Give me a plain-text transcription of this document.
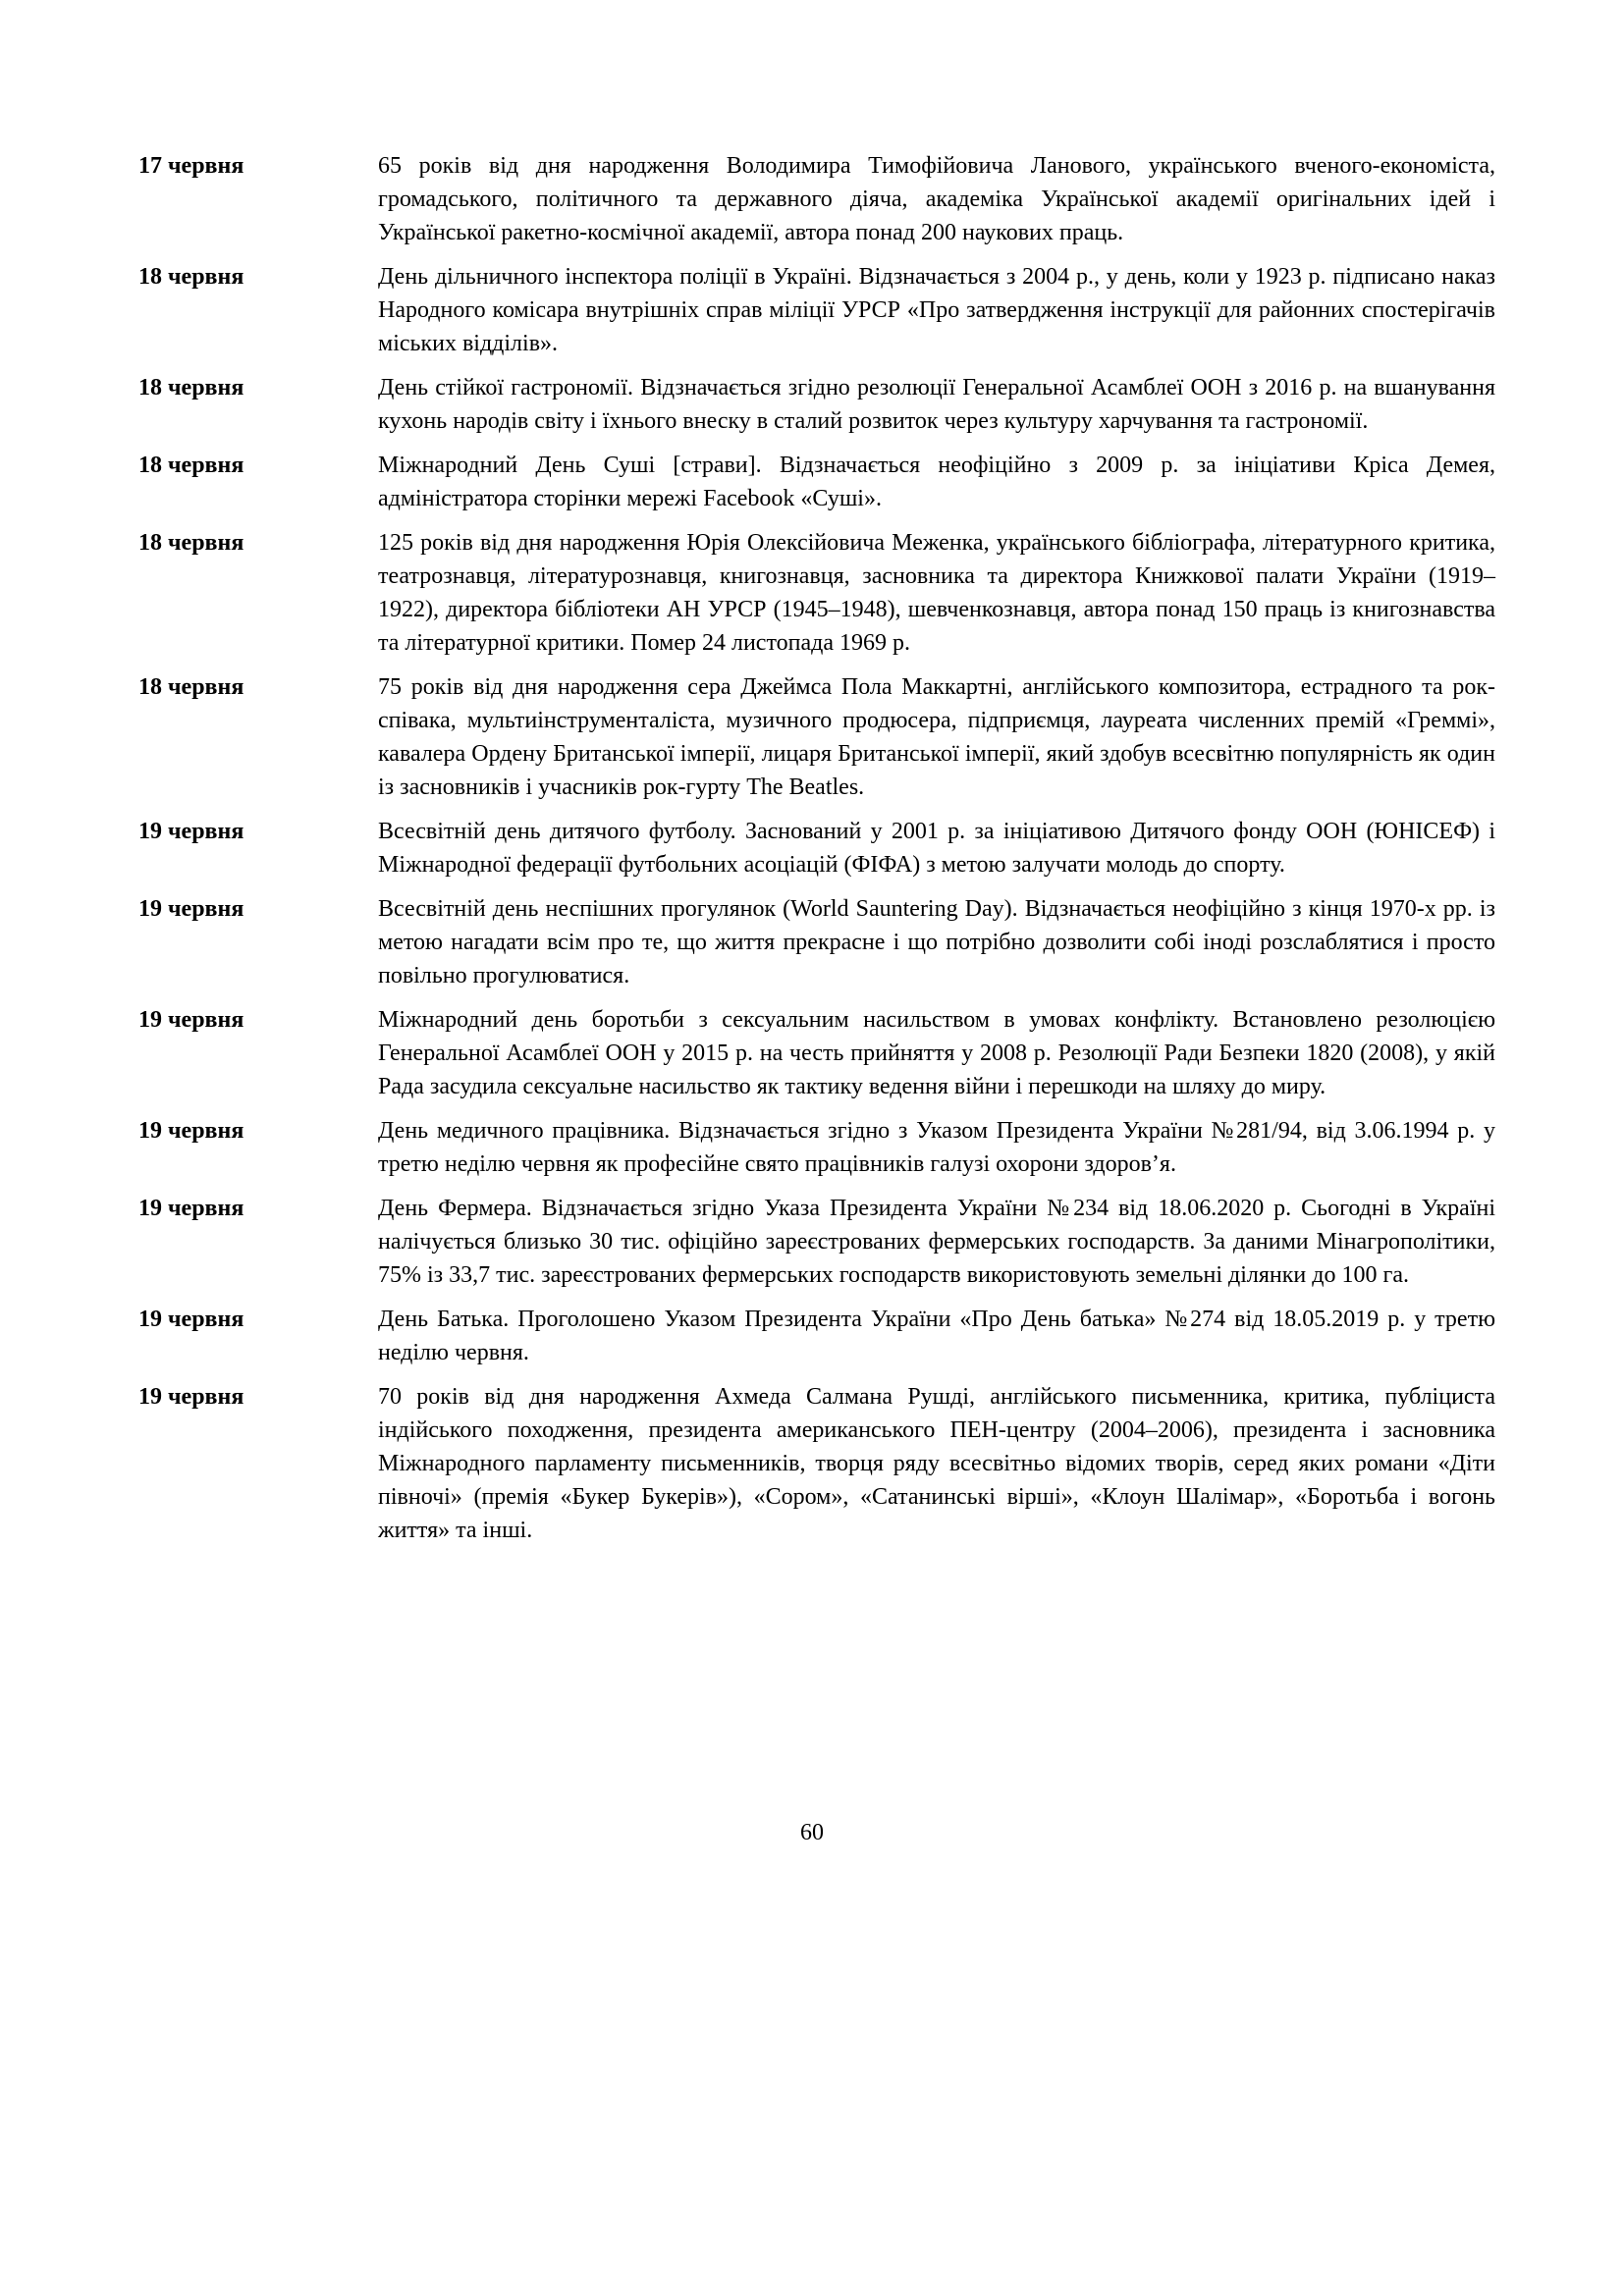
17 червня	65 років від дня народження Володимира Тимофійовича Ланового, українського вченого-економіста, громадського, політичного та державного діяча, академіка Української академії оригінальних ідей і Української ракетно-космічної академії, автора понад 200 наукових праць.
18 червня	День дільничного інспектора поліції в Україні. Відзначається з 2004 р., у день, коли у 1923 р. підписано наказ Народного комісара внутрішніх справ міліції УРСР «Про затвердження інструкції для районних спостерігачів міських відділів».
18 червня	День стійкої гастрономії. Відзначається згідно резолюції Генеральної Асамблеї ООН з 2016 р. на вшанування кухонь народів світу і їхнього внеску в сталий розвиток через культуру харчування та гастрономії.
18 червня	Міжнародний День Суші [страви]. Відзначається неофіційно з 2009 р. за ініціативи Кріса Демея, адміністратора сторінки мережі Facebook «Суші».
18 червня	125 років від дня народження Юрія Олексійовича Меженка, українського бібліографа, літературного критика, театрознавця, літературознавця, книгознавця, засновника та директора Книжкової палати України (1919–1922), директора бібліотеки АН УРСР (1945–1948), шевченкознавця, автора понад 150 праць із книгознавства та літературної критики. Помер 24 листопада 1969 р.
18 червня	75 років від дня народження сера Джеймса Пола Маккартні, англійського композитора, естрадного та рок-співака, мультиінструменталіста, музичного продюсера, підприємця, лауреата численних премій «Греммі», кавалера Ордену Британської імперії, лицаря Британської імперії, який здобув всесвітню популярність як один із засновників і учасників рок-гурту The Beatles.
19 червня	Всесвітній день дитячого футболу. Заснований у 2001 р. за ініціативою Дитячого фонду ООН (ЮНІСЕФ) і Міжнародної федерації футбольних асоціацій (ФІФА) з метою залучати молодь до спорту.
19 червня	Всесвітній день неспішних прогулянок (World Sauntering Day). Відзначається неофіційно з кінця 1970-х рр. із метою нагадати всім про те, що життя прекрасне і що потрібно дозволити собі іноді розслаблятися і просто повільно прогулюватися.
19 червня	Міжнародний день боротьби з сексуальним насильством в умовах конфлікту. Встановлено резолюцією Генеральної Асамблеї ООН у 2015 р. на честь прийняття у 2008 р. Резолюції Ради Безпеки 1820 (2008), у якій Рада засудила сексуальне насильство як тактику ведення війни і перешкоди на шляху до миру.
19 червня	День медичного працівника. Відзначається згідно з Указом Президента України №281/94, від 3.06.1994 р. у третю неділю червня як професійне свято працівників галузі охорони здоров’я.
19 червня	День Фермера. Відзначається згідно Указа Президента України №234 від 18.06.2020 р. Сьогодні в Україні налічується близько 30 тис. офіційно зареєстрованих фермерських господарств. За даними Мінагрополітики, 75% із 33,7 тис. зареєстрованих фермерських господарств використовують земельні ділянки до 100 га.
19 червня	День Батька. Проголошено Указом Президента України «Про День батька» №274 від 18.05.2019 р. у третю неділю червня.
19 червня	70 років від дня народження Ахмеда Салмана Рушді, англійського письменника, критика, публіциста індійського походження, президента американського ПЕН-центру (2004–2006), президента і засновника Міжнародного парламенту письменників, творця ряду всесвітньо відомих творів, серед яких романи «Діти півночі» (премія «Букер Букерів»), «Сором», «Сатанинські вірші», «Клоун Шалімар», «Боротьба і вогонь життя» та інші.
60
